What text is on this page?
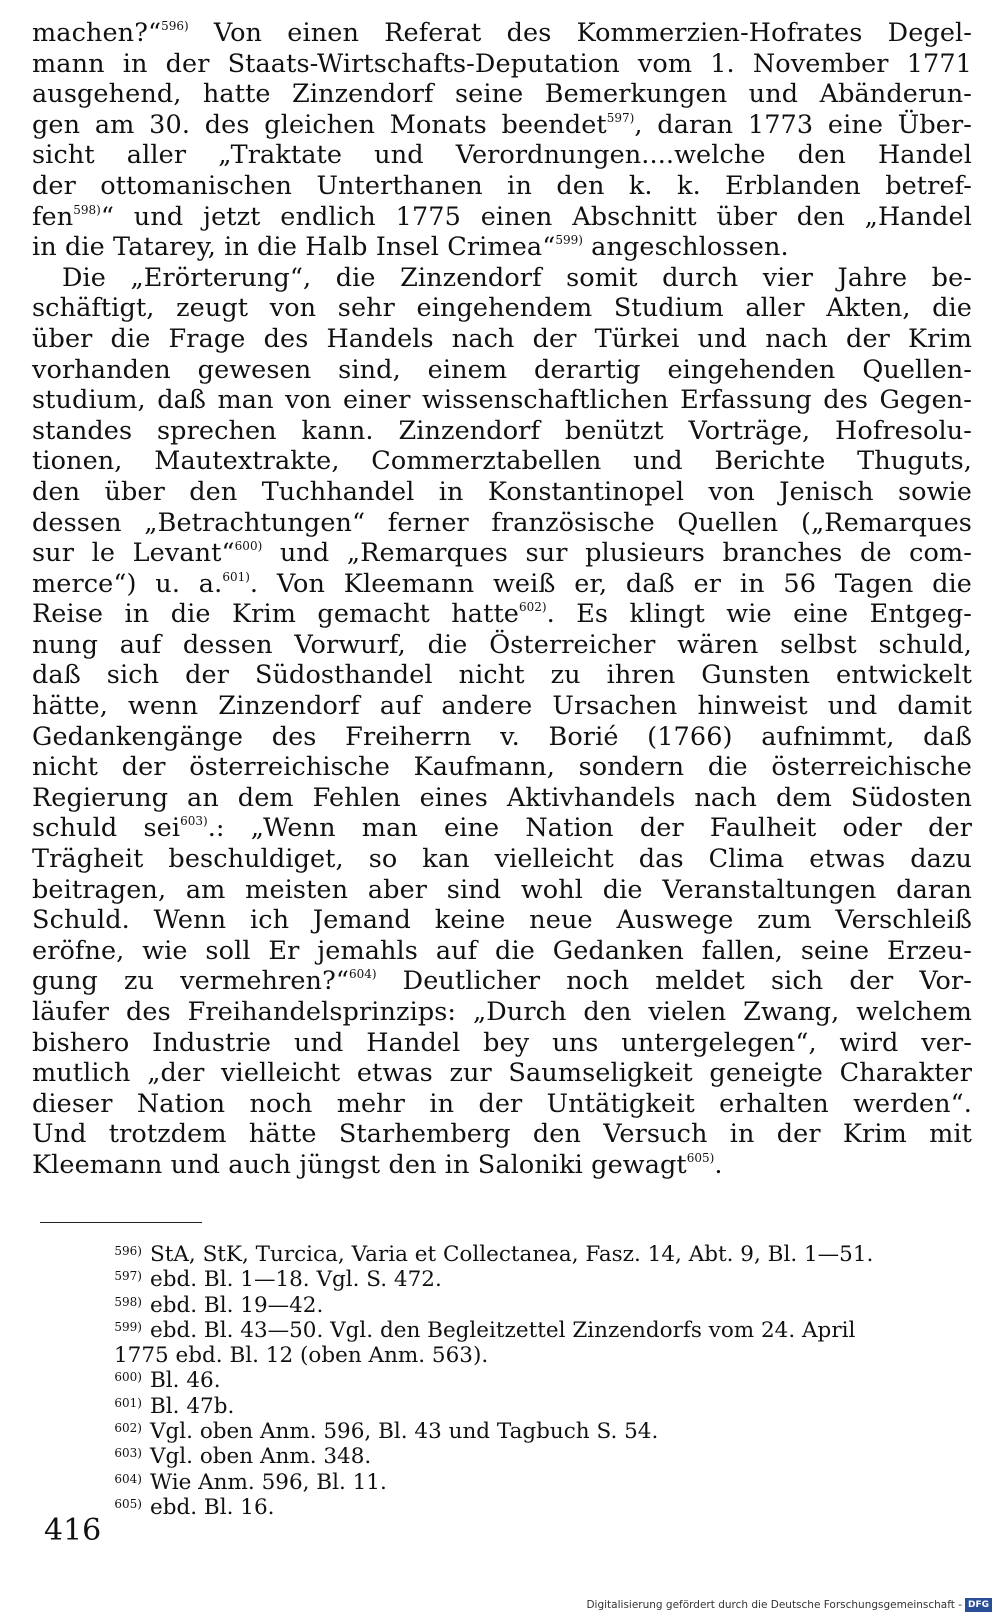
machen?“$^{596)}$ Von einen Referat des Kommerzien-Hofrates Degel-
mann in der Staats-Wirtschafts-Deputation vom 1. November 1771
ausgehend, hatte Zinzendorf seine Bemerkungen und Abänderun-
gen am 30. des gleichen Monats beendet$^{597)}$, daran 1773 eine Über-
sicht aller „Traktate und Verordnungen....welche den Handel
der ottomanischen Unterthanen in den k. k. Erblanden betref-
fen$^{598)}$“ und jetzt endlich 1775 einen Abschnitt über den „Handel
in die Tatarey, in die Halb Insel Crimea“$^{599)}$ angeschlossen.
Die „Erörterung“, die Zinzendorf somit durch vier Jahre be-
schäftigt, zeugt von sehr eingehendem Studium aller Akten, die
über die Frage des Handels nach der Türkei und nach der Krim
vorhanden gewesen sind, einem derartig eingehenden Quellen-
studium, daß man von einer wissenschaftlichen Erfassung des Gegen-
standes sprechen kann. Zinzendorf benützt Vorträge, Hofresolu-
tionen, Mautextrakte, Commerztabellen und Berichte Thuguts,
den über den Tuchhandel in Konstantinopel von Jenisch sowie
dessen „Betrachtungen“ ferner französische Quellen („Remarques
sur le Levant“$^{600)}$ und „Remarques sur plusieurs branches de com-
merce“) u. a.$^{601)}$. Von Kleemann weiß er, daß er in 56 Tagen die
Reise in die Krim gemacht hatte$^{602)}$. Es klingt wie eine Entgeg-
nung auf dessen Vorwurf, die Österreicher wären selbst schuld,
daß sich der Südosthandel nicht zu ihren Gunsten entwickelt
hätte, wenn Zinzendorf auf andere Ursachen hinweist und damit
Gedankengänge des Freiherrn v. Borié (1766) aufnimmt, daß
nicht der österreichische Kaufmann, sondern die österreichische
Regierung an dem Fehlen eines Aktivhandels nach dem Südosten
schuld sei$^{603)}$.: „Wenn man eine Nation der Faulheit oder der
Trägheit beschuldiget, so kan vielleicht das Clima etwas dazu
beitragen, am meisten aber sind wohl die Veranstaltungen daran
Schuld. Wenn ich Jemand keine neue Auswege zum Verschleiß
eröfne, wie soll Er jemahls auf die Gedanken fallen, seine Erzeu-
gung zu vermehren?“$^{604)}$ Deutlicher noch meldet sich der Vor-
läufer des Freihandelsprinzips: „Durch den vielen Zwang, welchem
bishero Industrie und Handel bey uns untergelegen“, wird ver-
mutlich „der vielleicht etwas zur Saumseligkeit geneigte Charakter
dieser Nation noch mehr in der Untätigkeit erhalten werden“.
Und trotzdem hätte Starhemberg den Versuch in der Krim mit
Kleemann und auch jüngst den in Saloniki gewagt$^{605)}$.
596) StA, StK, Turcica, Varia et Collectanea, Fasz. 14, Abt. 9, Bl. 1—51.
597) ebd. Bl. 1—18. Vgl. S. 472.
598) ebd. Bl. 19—42.
599) ebd. Bl. 43—50. Vgl. den Begleitzettel Zinzendorfs vom 24. April
1775 ebd. Bl. 12 (oben Anm. 563).
600) Bl. 46.
601) Bl. 47b.
602) Vgl. oben Anm. 596, Bl. 43 und Tagbuch S. 54.
603) Vgl. oben Anm. 348.
604) Wie Anm. 596, Bl. 11.
605) ebd. Bl. 16.
416
Digitalisierung gefördert durch die Deutsche Forschungsgemeinschaft - DFG
